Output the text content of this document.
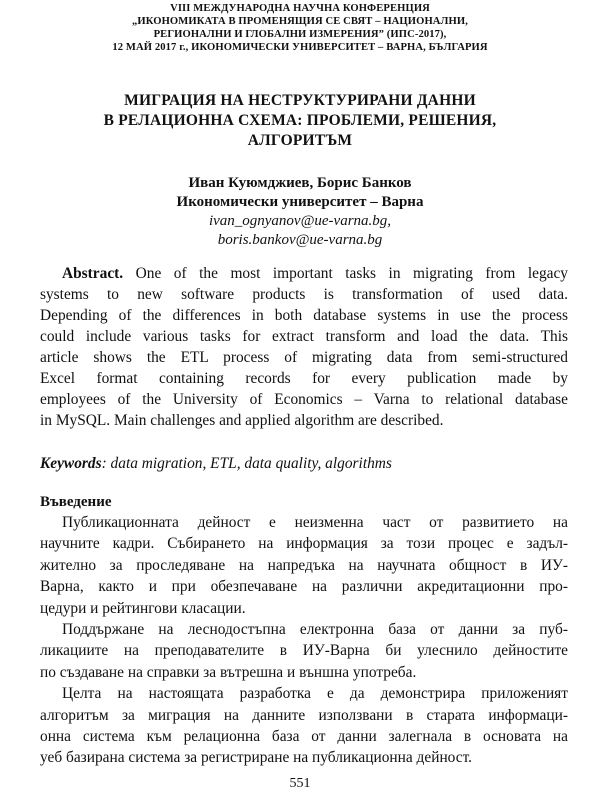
VIII МЕЖДУНАРОДНА НАУЧНА КОНФЕРЕНЦИЯ
„ИКОНОМИКАТА В ПРОМЕНЯЩИЯ СЕ СВЯТ – НАЦИОНАЛНИ,
РЕГИОНАЛНИ И ГЛОБАЛНИ ИЗМЕРЕНИЯ” (ИПС-2017),
12 МАЙ 2017 г., ИКОНОМИЧЕСКИ УНИВЕРСИТЕТ – ВАРНА, БЪЛГАРИЯ
МИГРАЦИЯ НА НЕСТРУКТУРИРАНИ ДАННИ
В РЕЛАЦИОННА СХЕМА: ПРОБЛЕМИ, РЕШЕНИЯ,
АЛГОРИТЪМ
Иван Куюмджиев, Борис Банков
Икономически университет – Варна
ivan_ognyanov@ue-varna.bg,
boris.bankov@ue-varna.bg
Abstract. One of the most important tasks in migrating from legacy
systems to new software products is transformation of used data.
Depending of the differences in both database systems in use the process
could include various tasks for extract transform and load the data. This
article shows the ETL process of migrating data from semi-structured
Excel format containing records for every publication made by
employees of the University of Economics – Varna to relational database
in MySQL. Main challenges and applied algorithm are described.
Keywords: data migration, ETL, data quality, algorithms
Въведение
Публикационната дейност е неизменна част от развитието на
научните кадри. Събирането на информация за този процес е задъл-
жително за проследяване на напредъка на научната общност в ИУ-
Варна, както и при обезпечаване на различни акредитационни про-
цедури и рейтингови класации.
Поддържане на леснодостъпна електронна база от данни за пуб-
ликациите на преподавателите в ИУ-Варна би улеснило дейностите
по създаване на справки за вътрешна и външна употреба.
Целта на настоящата разработка е да демонстрира приложеният
алгоритъм за миграция на данните използвани в старата информаци-
онна система към релационна база от данни залегнала в основата на
уеб базирана система за регистриране на публикационна дейност.
551
